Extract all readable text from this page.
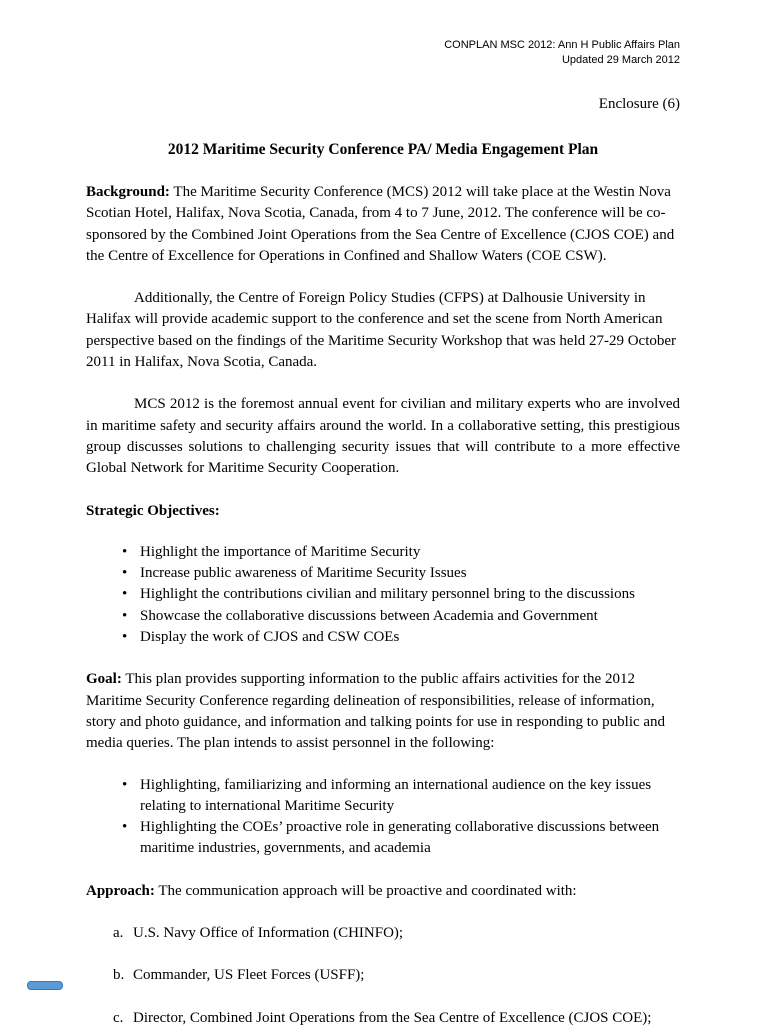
CONPLAN MSC 2012: Ann H Public Affairs Plan
Updated 29 March 2012
Enclosure (6)
2012 Maritime Security Conference PA/ Media Engagement Plan

Background: The Maritime Security Conference (MCS) 2012 will take place at the Westin Nova Scotian Hotel, Halifax, Nova Scotia, Canada, from 4 to 7 June, 2012. The conference will be co-sponsored by the Combined Joint Operations from the Sea Centre of Excellence (CJOS COE) and the Centre of Excellence for Operations in Confined and Shallow Waters (COE CSW).

Additionally, the Centre of Foreign Policy Studies (CFPS) at Dalhousie University in Halifax will provide academic support to the conference and set the scene from North American perspective based on the findings of the Maritime Security Workshop that was held 27-29 October 2011 in Halifax, Nova Scotia, Canada.

MCS 2012 is the foremost annual event for civilian and military experts who are involved in maritime safety and security affairs around the world. In a collaborative setting, this prestigious group discusses solutions to challenging security issues that will contribute to a more effective Global Network for Maritime Security Cooperation.

Strategic Objectives:

• Highlight the importance of Maritime Security
• Increase public awareness of Maritime Security Issues
• Highlight the contributions civilian and military personnel bring to the discussions
• Showcase the collaborative discussions between Academia and Government
• Display the work of CJOS and CSW COEs

Goal: This plan provides supporting information to the public affairs activities for the 2012 Maritime Security Conference regarding delineation of responsibilities, release of information, story and photo guidance, and information and talking points for use in responding to public and media queries. The plan intends to assist personnel in the following:

• Highlighting, familiarizing and informing an international audience on the key issues relating to international Maritime Security
• Highlighting the COEs’ proactive role in generating collaborative discussions between maritime industries, governments, and academia

Approach: The communication approach will be proactive and coordinated with:

a. U.S. Navy Office of Information (CHINFO);
b. Commander, US Fleet Forces (USFF);
c. Director, Combined Joint Operations from the Sea Centre of Excellence (CJOS COE);
